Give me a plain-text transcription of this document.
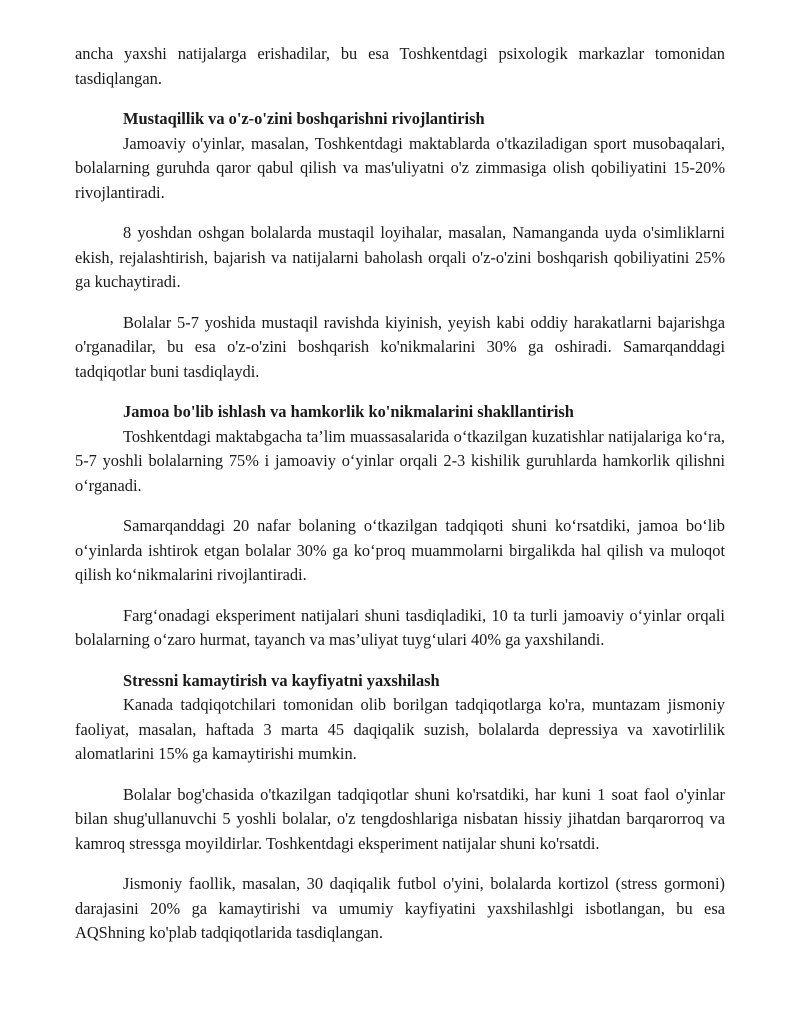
ancha yaxshi natijalarga erishadilar, bu esa Toshkentdagi psixologik markazlar tomonidan tasdiqlangan.

Mustaqillik va o'z-o'zini boshqarishni rivojlantirish

Jamoaviy o'yinlar, masalan, Toshkentdagi maktablarda o'tkaziladigan sport musobaqalari, bolalarning guruhda qaror qabul qilish va mas'uliyatni o'z zimmasiga olish qobiliyatini 15-20% rivojlantiradi.

8 yoshdan oshgan bolalarda mustaqil loyihalar, masalan, Namanganda uyda o'simliklarni ekish, rejalashtirish, bajarish va natijalarni baholash orqali o'z-o'zini boshqarish qobiliyatini 25% ga kuchaytiradi.

Bolalar 5-7 yoshida mustaqil ravishda kiyinish, yeyish kabi oddiy harakatlarni bajarishga o'rganadilar, bu esa o'z-o'zini boshqarish ko'nikmalarini 30% ga oshiradi. Samarqanddagi tadqiqotlar buni tasdiqlaydi.

Jamoa bo'lib ishlash va hamkorlik ko'nikmalarini shakllantirish

Toshkentdagi maktabgacha ta’lim muassasalarida o‘tkazilgan kuzatishlar natijalariga ko‘ra, 5-7 yoshli bolalarning 75% i jamoaviy o‘yinlar orqali 2-3 kishilik guruhlarda hamkorlik qilishni o‘rganadi.

Samarqanddagi 20 nafar bolaning o‘tkazilgan tadqiqoti shuni ko‘rsatdiki, jamoa bo‘lib o‘yinlarda ishtirok etgan bolalar 30% ga ko‘proq muammolarni birgalikda hal qilish va muloqot qilish ko‘nikmalarini rivojlantiradi.

Farg‘onadagi eksperiment natijalari shuni tasdiqladiki, 10 ta turli jamoaviy o‘yinlar orqali bolalarning o‘zaro hurmat, tayanch va mas’uliyat tuyg‘ulari 40% ga yaxshilandi.

Stressni kamaytirish va kayfiyatni yaxshilash

Kanada tadqiqotchilari tomonidan olib borilgan tadqiqotlarga ko'ra, muntazam jismoniy faoliyat, masalan, haftada 3 marta 45 daqiqalik suzish, bolalarda depressiya va xavotirlilik alomatlarini 15% ga kamaytirishi mumkin.

Bolalar bog'chasida o'tkazilgan tadqiqotlar shuni ko'rsatdiki, har kuni 1 soat faol o'yinlar bilan shug'ullanuvchi 5 yoshli bolalar, o'z tengdoshlariga nisbatan hissiy jihatdan barqarorroq va kamroq stressga moyildirlar. Toshkentdagi eksperiment natijalar shuni ko'rsatdi.

Jismoniy faollik, masalan, 30 daqiqalik futbol o'yini, bolalarda kortizol (stress gormoni) darajasini 20% ga kamaytirishi va umumiy kayfiyatini yaxshilashlgi isbotlangan, bu esa AQShning ko'plab tadqiqotlarida tasdiqlangan.
